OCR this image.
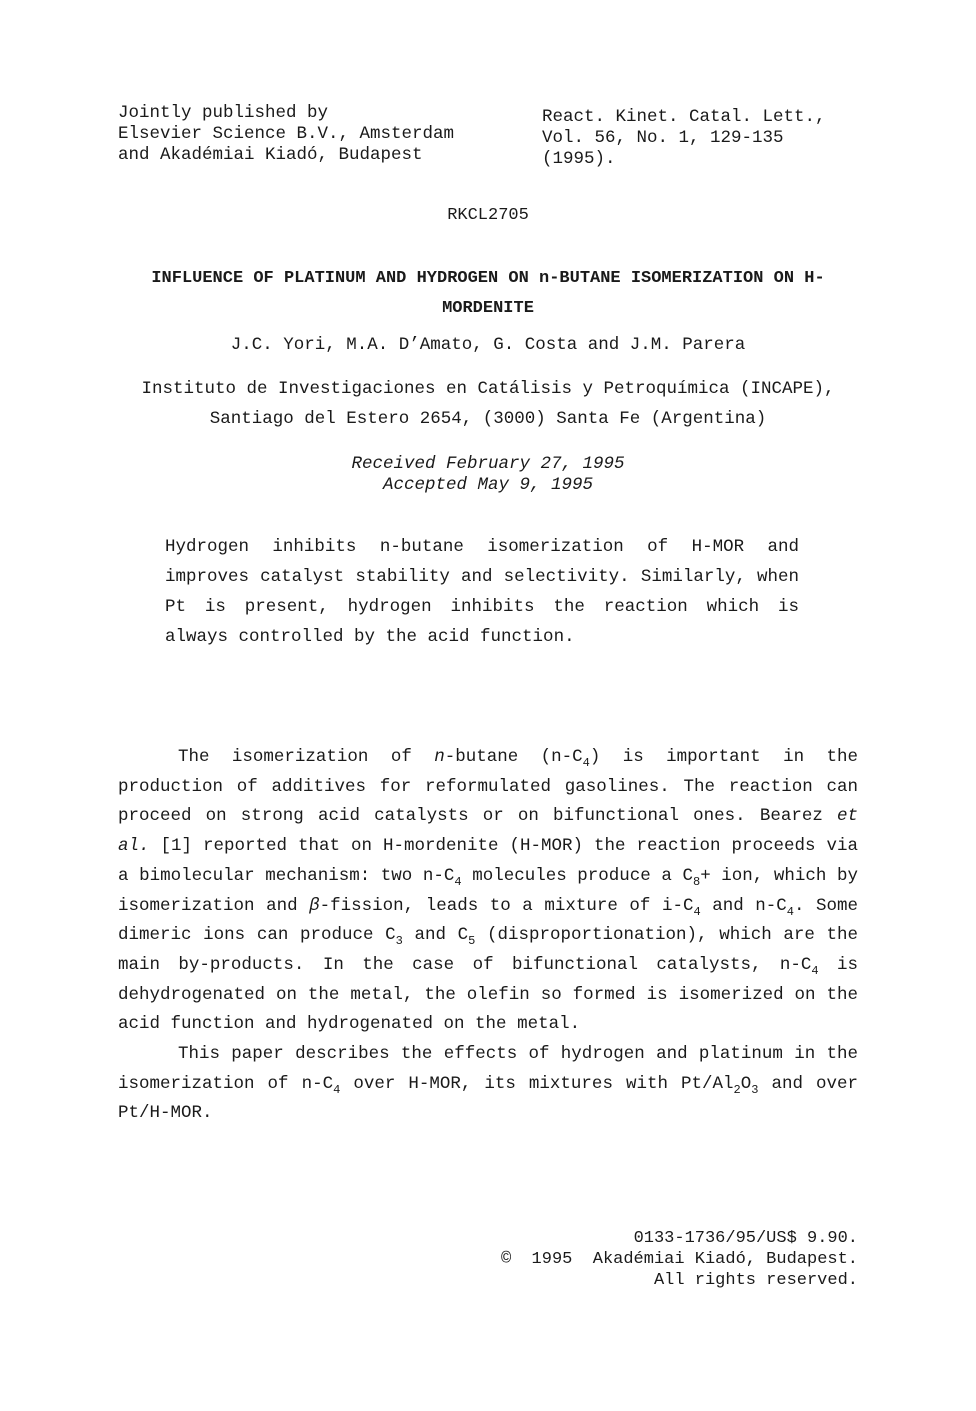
Jointly published by
Elsevier Science B.V., Amsterdam
and Akadémiai Kiadó, Budapest
React. Kinet. Catal. Lett.,
Vol. 56, No. 1, 129-135
(1995).
RKCL2705
INFLUENCE OF PLATINUM AND HYDROGEN ON n-BUTANE ISOMERIZATION ON H-MORDENITE
J.C. Yori, M.A. D’Amato, G. Costa and J.M. Parera
Instituto de Investigaciones en Catálisis y Petroquímica (INCAPE), Santiago del Estero 2654, (3000) Santa Fe (Argentina)
Received February 27, 1995
Accepted May 9, 1995
Hydrogen inhibits n-butane isomerization of H-MOR and improves catalyst stability and selectivity. Similarly, when Pt is present, hydrogen inhibits the reaction which is always controlled by the acid function.

The isomerization of n-butane $(n-C_4)$ is important in the production of additives for reformulated gasolines. The reaction can proceed on strong acid catalysts or on bifunctional ones. Bearez et al. [1] reported that on H-mordenite (H-MOR) the reaction proceeds via a bimolecular mechanism: two $n-C_4$ molecules produce a $C_8+$ ion, which by isomerization and β-fission, leads to a mixture of $i-C_4$ and $n-C_4$. Some dimeric ions can produce $C_3$ and $C_5$ (disproportionation), which are the main by-products. In the case of bifunctional catalysts, $n-C_4$ is dehydrogenated on the metal, the olefin so formed is isomerized on the acid function and hydrogenated on the metal.

This paper describes the effects of hydrogen and platinum in the isomerization of $n-C_4$ over H-MOR, its mixtures with $Pt/Al_2O_3$ and over Pt/H-MOR.

0133-1736/95/US$ 9.90.
©  1995  Akadémiai Kiadó, Budapest.
All rights reserved.
